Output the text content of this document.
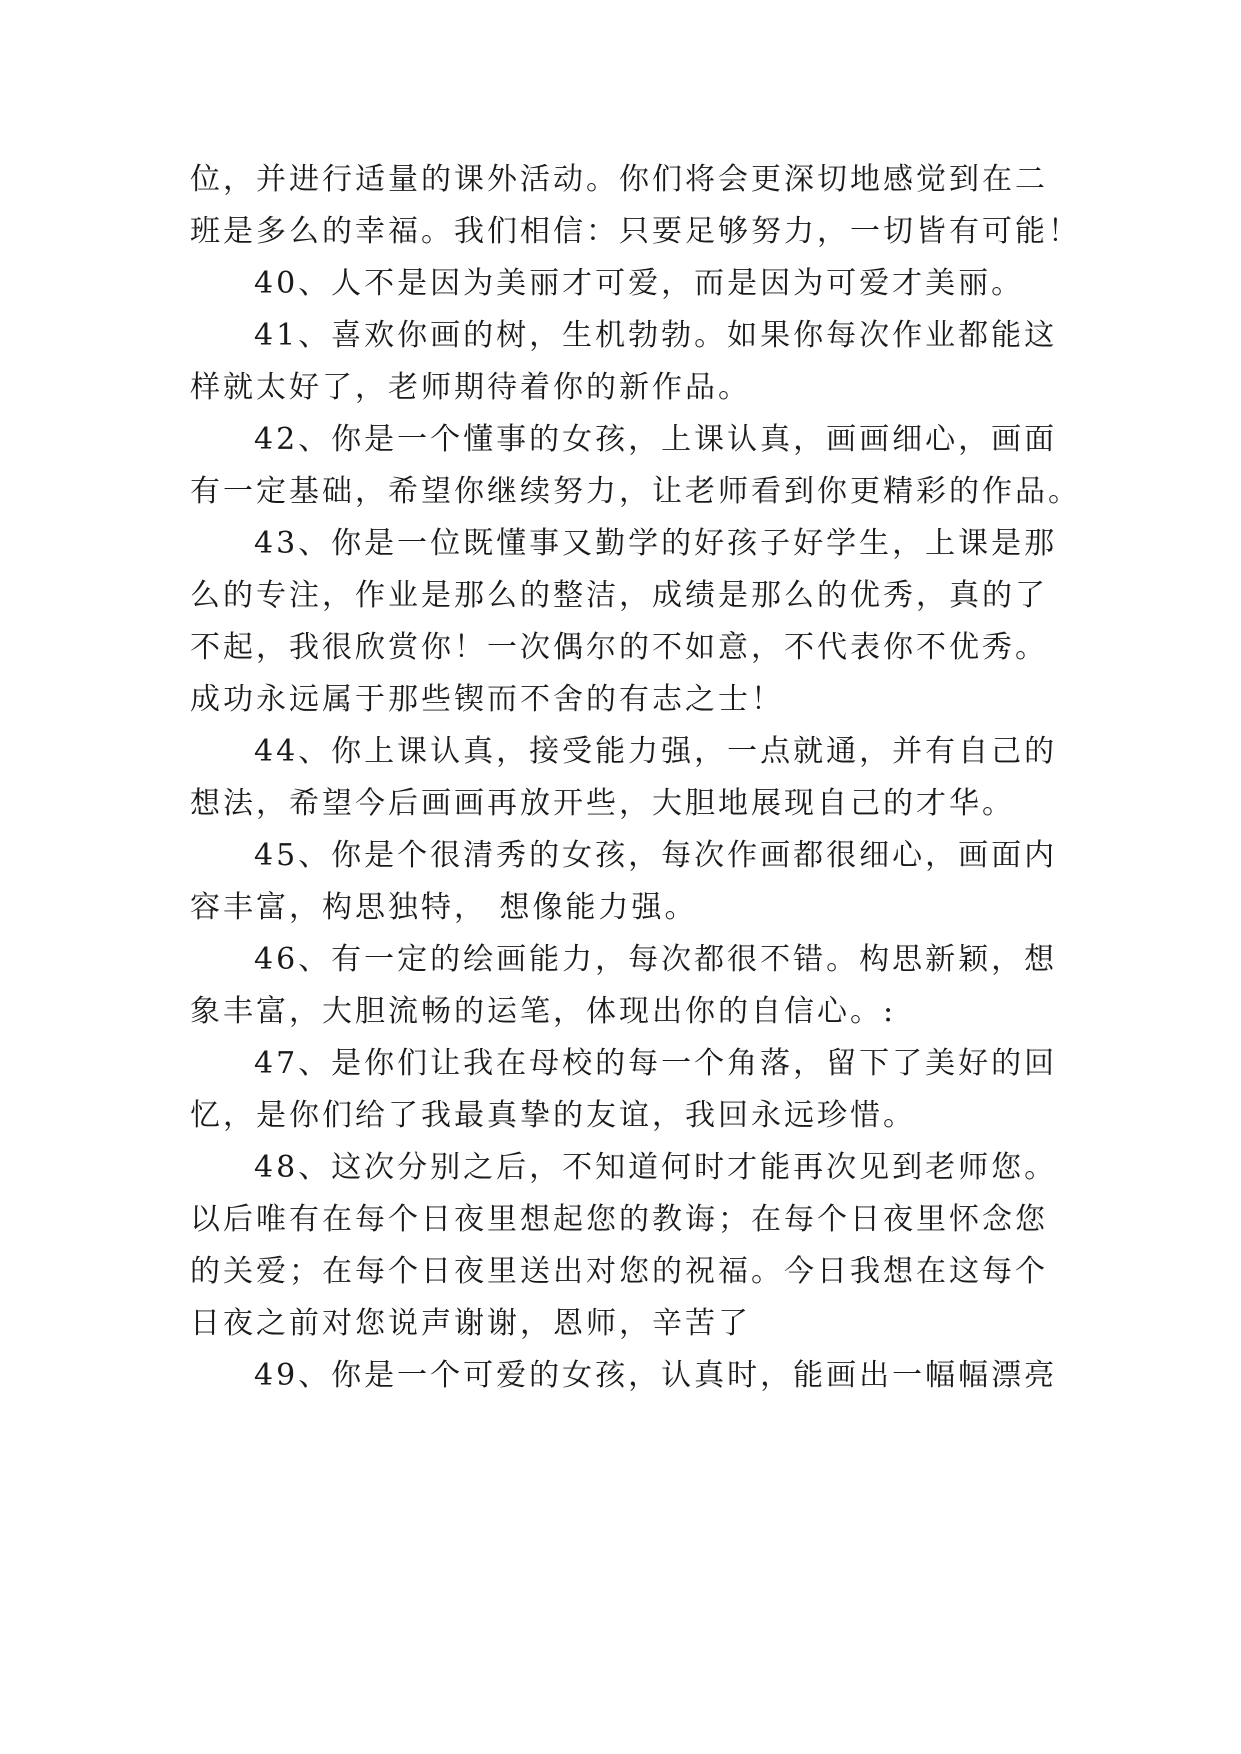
位，并进行适量的课外活动。你们将会更深切地感觉到在二
班是多么的幸福。我们相信：只要足够努力，一切皆有可能！
40、人不是因为美丽才可爱，而是因为可爱才美丽。
41、喜欢你画的树，生机勃勃。如果你每次作业都能这
样就太好了，老师期待着你的新作品。
42、你是一个懂事的女孩，上课认真，画画细心，画面
有一定基础，希望你继续努力，让老师看到你更精彩的作品。
43、你是一位既懂事又勤学的好孩子好学生，上课是那
么的专注，作业是那么的整洁，成绩是那么的优秀，真的了
不起，我很欣赏你！一次偶尔的不如意，不代表你不优秀。
成功永远属于那些锲而不舍的有志之士！
44、你上课认真，接受能力强，一点就通，并有自己的
想法，希望今后画画再放开些，大胆地展现自己的才华。
45、你是个很清秀的女孩，每次作画都很细心，画面内
容丰富，构思独特， 想像能力强。
46、有一定的绘画能力，每次都很不错。构思新颖，想
象丰富，大胆流畅的运笔，体现出你的自信心。:
47、是你们让我在母校的每一个角落，留下了美好的回
忆，是你们给了我最真挚的友谊，我回永远珍惜。
48、这次分别之后，不知道何时才能再次见到老师您。
以后唯有在每个日夜里想起您的教诲；在每个日夜里怀念您
的关爱；在每个日夜里送出对您的祝福。今日我想在这每个
日夜之前对您说声谢谢，恩师，辛苦了
49、你是一个可爱的女孩，认真时，能画出一幅幅漂亮
